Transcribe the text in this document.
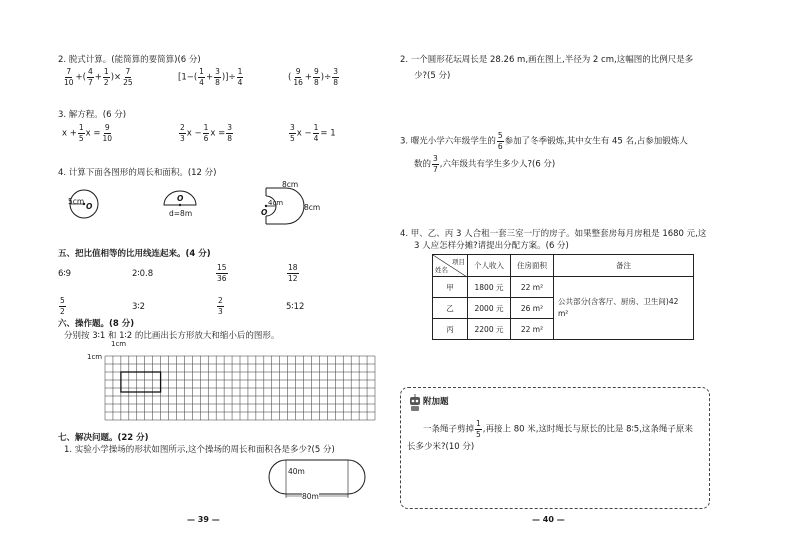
2. 脱式计算。(能简算的要简算)(6 分)
$\frac{7}{10}$ +( $\frac{4}{7} + \frac{1}{2}$ )× $\frac{7}{25}$	[$1-( \frac{1}{4} + \frac{3}{8}$ )]÷ $\frac{1}{4}$	( $\frac{9}{16} + \frac{9}{8}$ )÷ $\frac{3}{8}$
3. 解方程。(6 分)
$x + \frac{1}{5}$ $x = \frac{9}{10}$	$\frac{2}{3}$ $x - \frac{1}{6}$ $x = \frac{3}{8}$	$\frac{3}{5}$ $x - \frac{1}{4} = 1$
4. 计算下面各图形的周长和面积。(12 分)
5cm
O
O
d=8m
8cm
4cm
O
8cm
五、把比值相等的比用线连起来。(4 分)
6∶9	2∶0.8	$\frac{15}{36}$	$\frac{18}{12}$
$\frac{5}{2}$	3∶2	$\frac{2}{3}$	5∶12
六、操作题。(8 分)
分别按 3∶1 和 1∶2 的比画出长方形放大和缩小后的图形。
1cm
1cm
七、解决问题。(22 分)
1. 实验小学操场的形状如图所示,这个操场的周长和面积各是多少?(5 分)
40m
80m
— 39 —
2. 一个圆形花坛周长是 28.26 m,画在图上,半径为 2 cm,这幅图的比例尺是多
少?(5 分)
3. 曙光小学六年级学生的 $\frac{5}{6}$ 参加了冬季锻炼,其中女生有 45 名,占参加锻炼人
数的 $\frac{3}{7}$ ,六年级共有学生多少人?(6 分)
4. 甲、乙、丙 3 人合租一套三室一厅的房子。如果整套房每月房租是 1680 元,这
3 人应怎样分摊?请提出分配方案。(6 分)
项目
姓名	个人收入	住房面积	备注
甲	1800 元	22 m²	公共部分(含客厅、厨房、卫生间)42 m²
乙	2000 元	26 m²	
丙	2200 元	22 m²	
— 40 —
附加题
一条绳子剪掉 $\frac{1}{5}$ ,再接上 80 米,这时绳长与原长的比是 8∶5,这条绳子原来
长多少米?(10 分)
